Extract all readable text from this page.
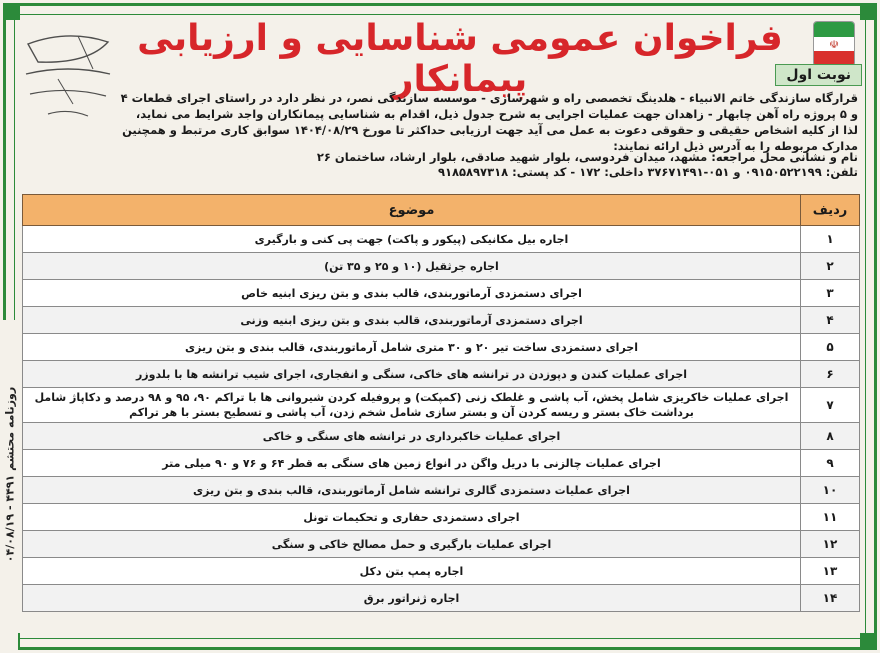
روزنامه محتشم ۴۴۹۱ - ۰۴/۰۸/۱۹
☫
فراخوان عمومی شناسایی و ارزیابی پیمانکار	نوبت اول
قرارگاه سازندگی خاتم الانبیاء - هلدینگ تخصصی راه و شهرسازی - موسسه سازندگی نصر، در نظر دارد در راستای اجرای قطعات ۴ و ۵ پروژه راه آهن چابهار - زاهدان جهت عملیات اجرایی به شرح جدول ذیل، اقدام به شناسایی پیمانکاران واجد شرایط می نماید، لذا از کلیه اشخاص حقیقی و حقوقی دعوت به عمل می آید جهت ارزیابی حداکثر تا مورخ ۱۴۰۴/۰۸/۲۹ سوابق کاری مرتبط و همچنین مدارک مربوطه را به آدرس ذیل ارائه نمایند:
نام و نشانی محل مراجعه: مشهد، میدان فردوسی، بلوار شهید صادقی، بلوار ارشاد، ساختمان ۲۶
تلفن: ۰۹۱۵۰۵۲۲۱۹۹ و ۰۵۱-۳۷۶۷۱۴۹۱ داخلی: ۱۷۲ - کد پستی: ۹۱۸۵۸۹۷۳۱۸
ردیف	موضوع
۱	اجاره بیل مکانیکی (پیکور و پاکت) جهت پی کنی و بارگیری
۲	اجاره جرثقیل (۱۰ و ۲۵ و ۳۵ تن)
۳	اجرای دستمزدی آرماتوربندی، قالب بندی و بتن ریزی ابنیه خاص
۴	اجرای دستمزدی آرماتوربندی، قالب بندی و بتن ریزی ابنیه وزنی
۵	اجرای دستمزدی ساخت تیر ۲۰ و ۳۰ متری شامل آرماتوربندی، قالب بندی و بتن ریزی
۶	اجرای عملیات کندن و دپوزدن در ترانشه های خاکی، سنگی و انفجاری، اجرای شیب ترانشه ها با بلدوزر
۷	اجرای عملیات خاکریزی شامل پخش، آب پاشی و غلطک زنی (کمپکت) و پروفیله کردن شیروانی ها با تراکم ۹۰، ۹۵ و ۹۸ درصد و دکاپاژ شامل برداشت خاک بستر و ریسه کردن آن و بستر سازی شامل شخم زدن، آب پاشی و تسطیح بستر با هر تراکم
۸	اجرای عملیات خاکبرداری در ترانشه های سنگی و خاکی
۹	اجرای عملیات چالزنی با دریل واگن در انواع زمین های سنگی به قطر ۶۴ و ۷۶ و ۹۰ میلی متر
۱۰	اجرای عملیات دستمزدی گالری ترانشه شامل آرماتوربندی، قالب بندی و بتن ریزی
۱۱	اجرای دستمزدی حفاری و تحکیمات تونل
۱۲	اجرای عملیات بارگیری و حمل مصالح خاکی و سنگی
۱۳	اجاره پمپ بتن دکل
۱۴	اجاره ژنراتور برق
